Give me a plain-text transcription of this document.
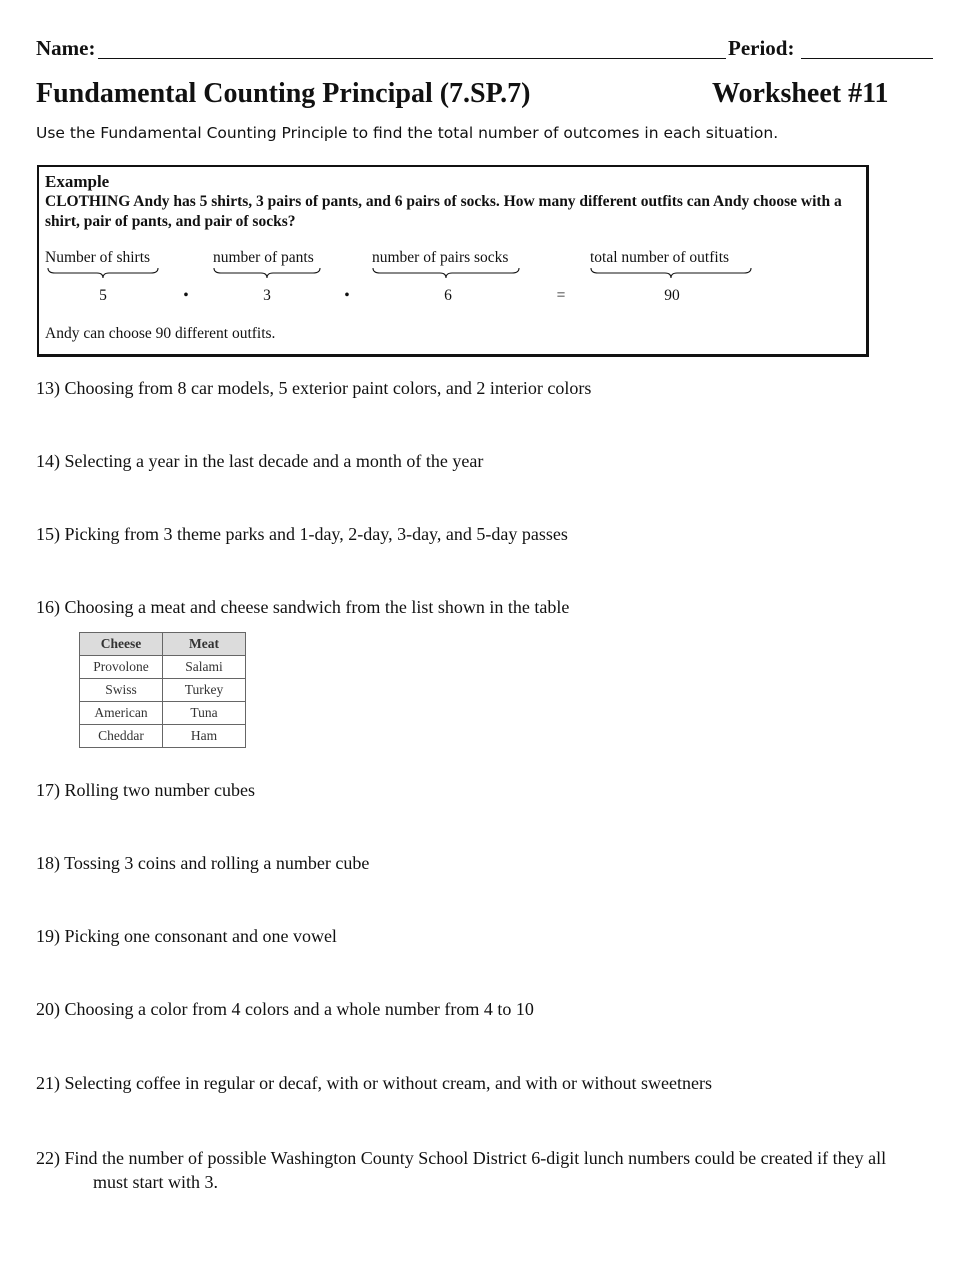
Name:	Period:
Fundamental Counting Principal (7.SP.7)	Worksheet #11
Use the Fundamental Counting Principle to find the total number of outcomes in each situation.
Example
CLOTHING Andy has 5 shirts, 3 pairs of pants, and 6 pairs of socks. How many different outfits can Andy choose with a shirt, pair of pants, and pair of socks?
Number of shirts	number of pants	number of pairs socks	total number of outfits
5	•	3	•	6	=	90
Andy can choose 90 different outfits.
13) Choosing from 8 car models, 5 exterior paint colors, and 2 interior colors
14) Selecting a year in the last decade and a month of the year
15) Picking from 3 theme parks and 1-day, 2-day, 3-day, and 5-day passes
16) Choosing a meat and cheese sandwich from the list shown in the table
Cheese	Meat
Provolone	Salami
Swiss	Turkey
American	Tuna
Cheddar	Ham
17) Rolling two number cubes
18) Tossing 3 coins and rolling a number cube
19) Picking one consonant and one vowel
20) Choosing a color from 4 colors and a whole number from 4 to 10
21) Selecting coffee in regular or decaf, with or without cream, and with or without sweetners
22) Find the number of possible Washington County School District 6-digit lunch numbers could be created if they all
must start with 3.
